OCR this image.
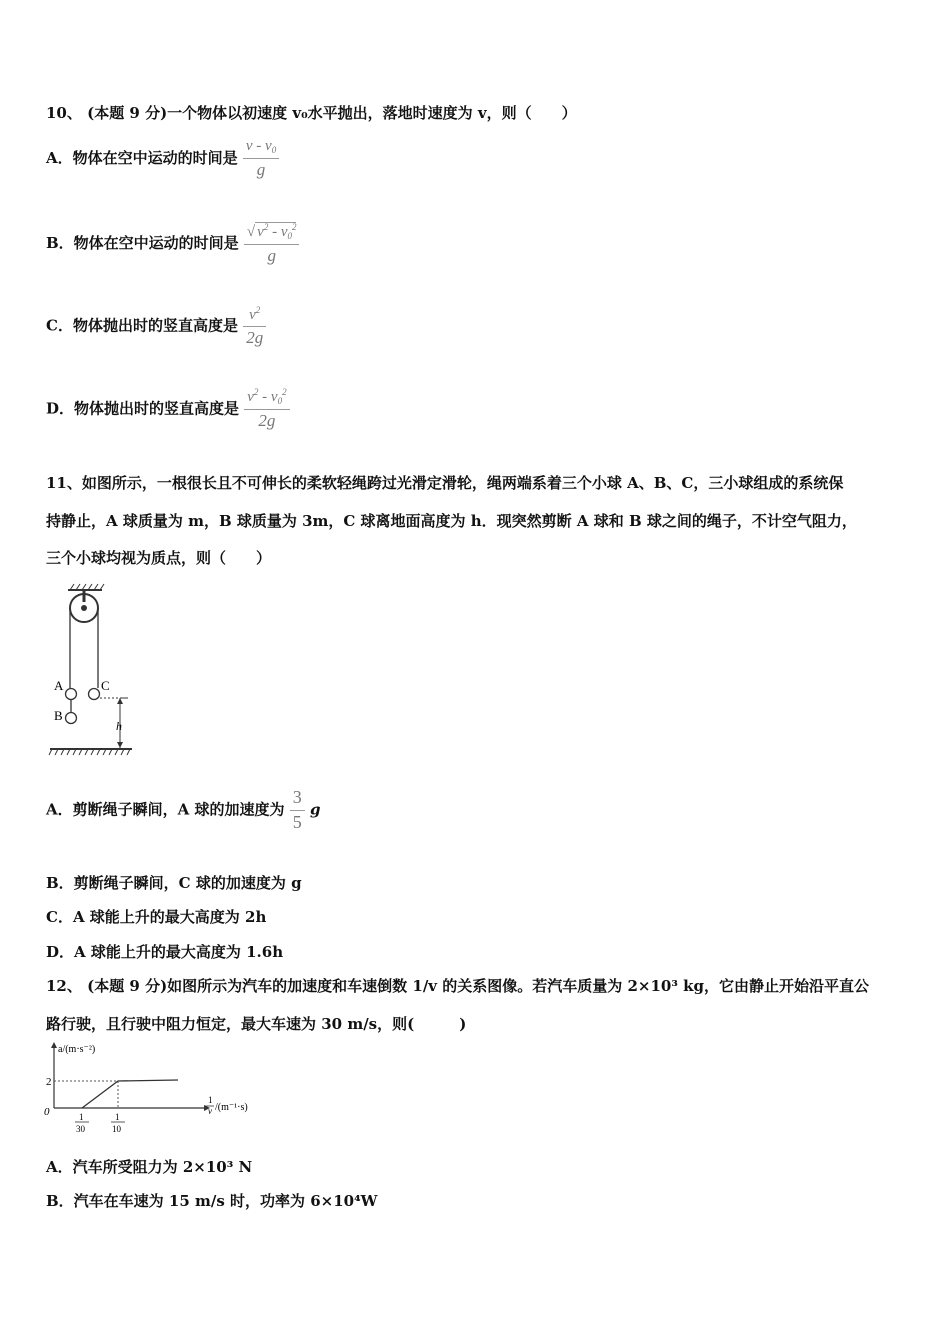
10、 (本题 9 分)一个物体以初速度 v₀水平抛出，落地时速度为 v，则（　　）
A．物体在空中运动的时间是 $\frac{v - v_0}{g}$
B．物体在空中运动的时间是 $\frac{√ v^2 - v_0^2}{g}$
C．物体抛出时的竖直高度是 $\frac{v^2}{2g}$
D．物体抛出时的竖直高度是 $\frac{v^2 - v_0^2}{2g}$
11、如图所示，一根很长且不可伸长的柔软轻绳跨过光滑定滑轮，绳两端系着三个小球 A、B、C，三小球组成的系统保
持静止，A 球质量为 m，B 球质量为 3m，C 球离地面高度为 h．现突然剪断 A 球和 B 球之间的绳子，不计空气阻力，
三个小球均视为质点，则（　　）
A
B
C
h
A．剪断绳子瞬间，A 球的加速度为 $\frac{3}{5}$ g
B．剪断绳子瞬间，C 球的加速度为 g
C．A 球能上升的最大高度为 2h
D．A 球能上升的最大高度为 1.6h
12、 (本题 9 分)如图所示为汽车的加速度和车速倒数 1/v 的关系图像。若汽车质量为 2×10³ kg，它由静止开始沿平直公
路行驶，且行驶中阻力恒定，最大车速为 30 m/s，则(　　　)
a/(m·s⁻²)
0
2
1
30
1
10
1
v /(m⁻¹·s)
A．汽车所受阻力为 2×10³ N
B．汽车在车速为 15 m/s 时，功率为 6×10⁴W
